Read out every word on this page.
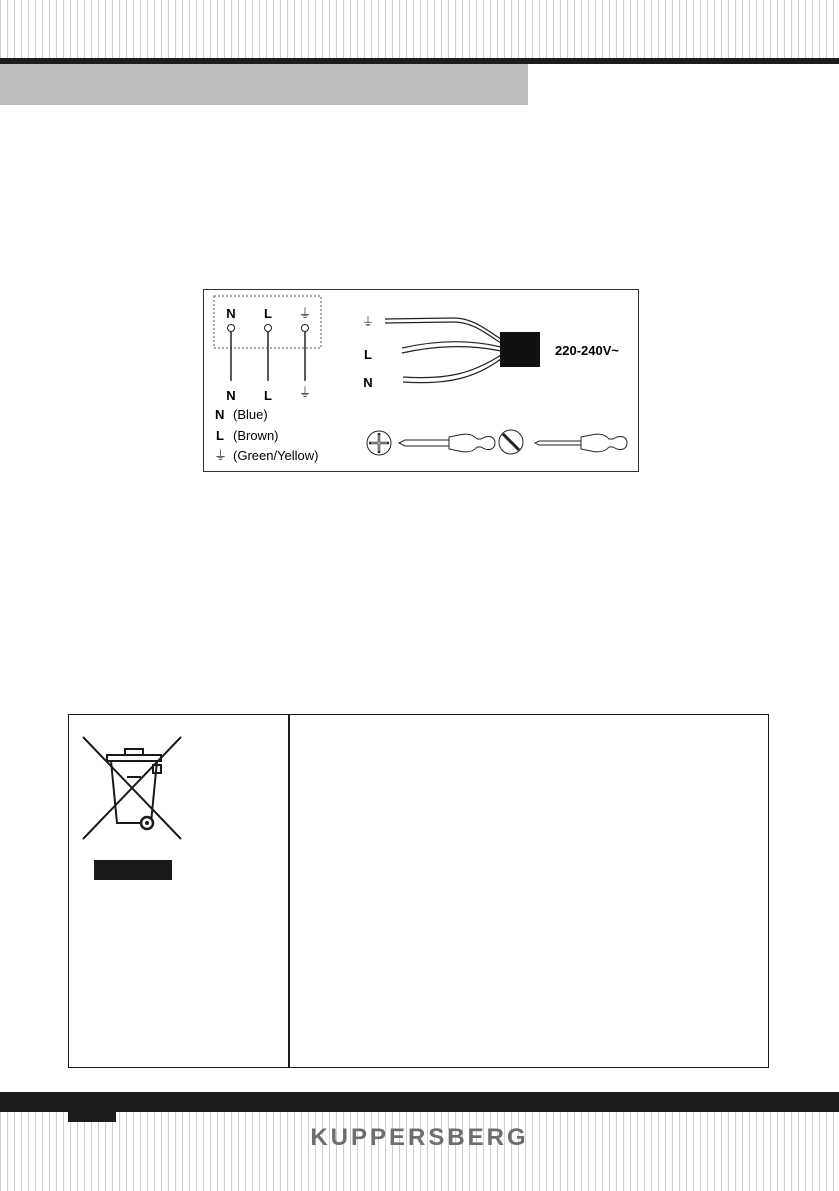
N L ⏚
N L ⏚
N (Blue)
L (Brown)
⏚ (Green/Yellow)
⏚
L
N
220-240V~
KUPPERSBERG
